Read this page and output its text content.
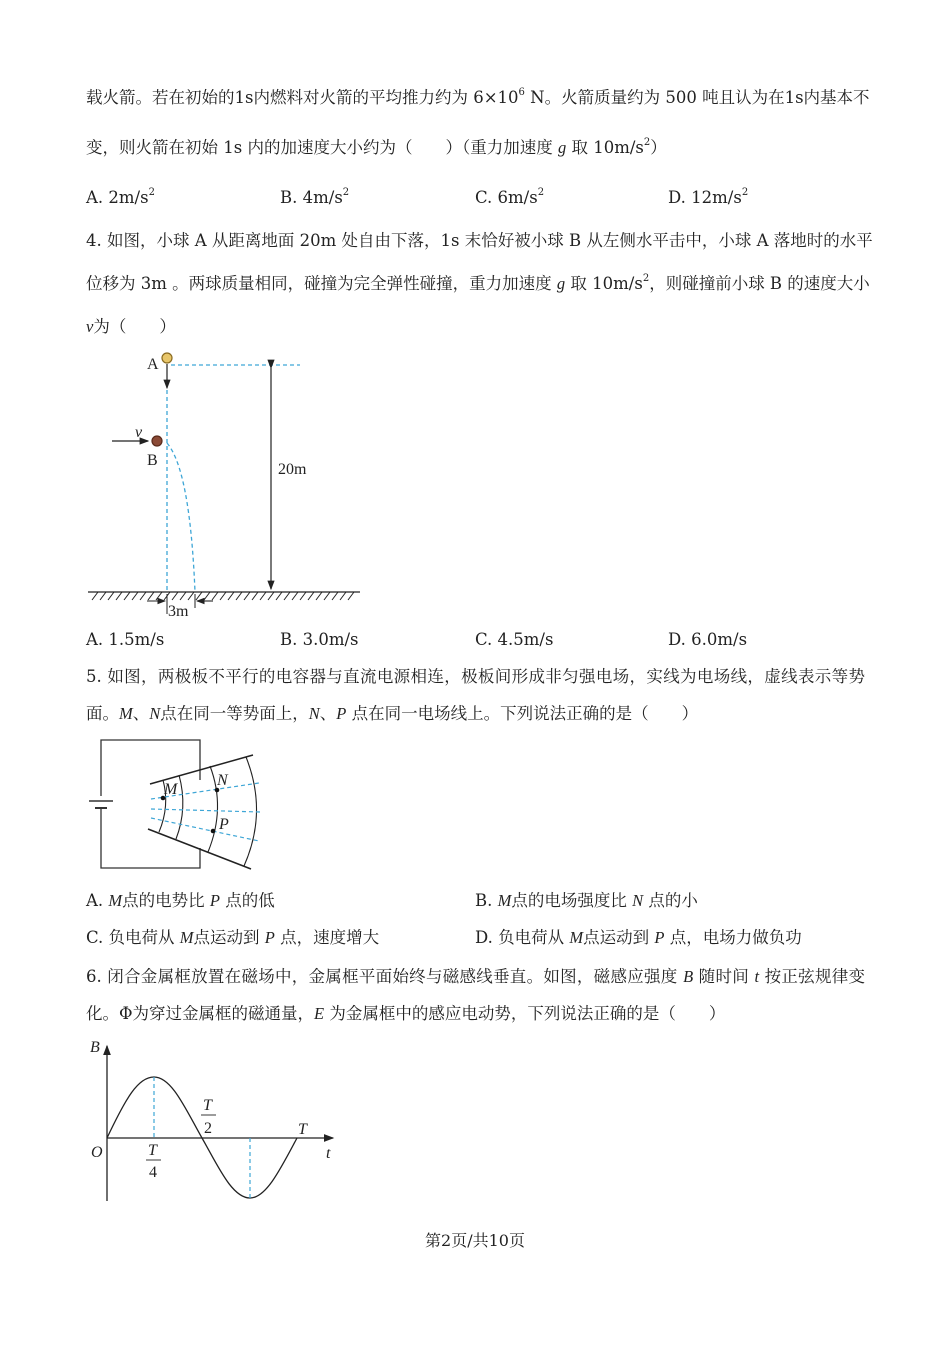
载火箭。若在初始的1s内燃料对火箭的平均推力约为 $6\times 10^6$ N。火箭质量约为 500 吨且认为在1s内基本不
变，则火箭在初始 1s 内的加速度大小约为（　　）（重力加速度 g 取 $10m/s^2$）
A. $2m/s^2$	B. $4m/s^2$	C. $6m/s^2$	D. $12m/s^2$
4. 如图，小球 A 从距离地面 20m 处自由下落，1s 末恰好被小球 B 从左侧水平击中，小球 A 落地时的水平
位移为 3m 。两球质量相同，碰撞为完全弹性碰撞，重力加速度 g 取 $10m/s^2$，则碰撞前小球 B 的速度大小
v为（　　）
A
B
v
20m
3m
A. 1.5m/s	B. 3.0m/s	C. 4.5m/s	D. 6.0m/s
5. 如图，两极板不平行的电容器与直流电源相连，极板间形成非匀强电场，实线为电场线，虚线表示等势
面。M、N点在同一等势面上，N、P 点在同一电场线上。下列说法正确的是（　　）
M
N
P
A. M点的电势比 P 点的低	B. M点的电场强度比 N 点的小
C. 负电荷从 M点运动到 P 点，速度增大	D. 负电荷从 M点运动到 P 点，电场力做负功
6. 闭合金属框放置在磁场中，金属框平面始终与磁感线垂直。如图，磁感应强度 B 随时间 t 按正弦规律变
化。Φ为穿过金属框的磁通量，E 为金属框中的感应电动势，下列说法正确的是（　　）
B
t
O	T
4
T
2	T
第2页/共10页
